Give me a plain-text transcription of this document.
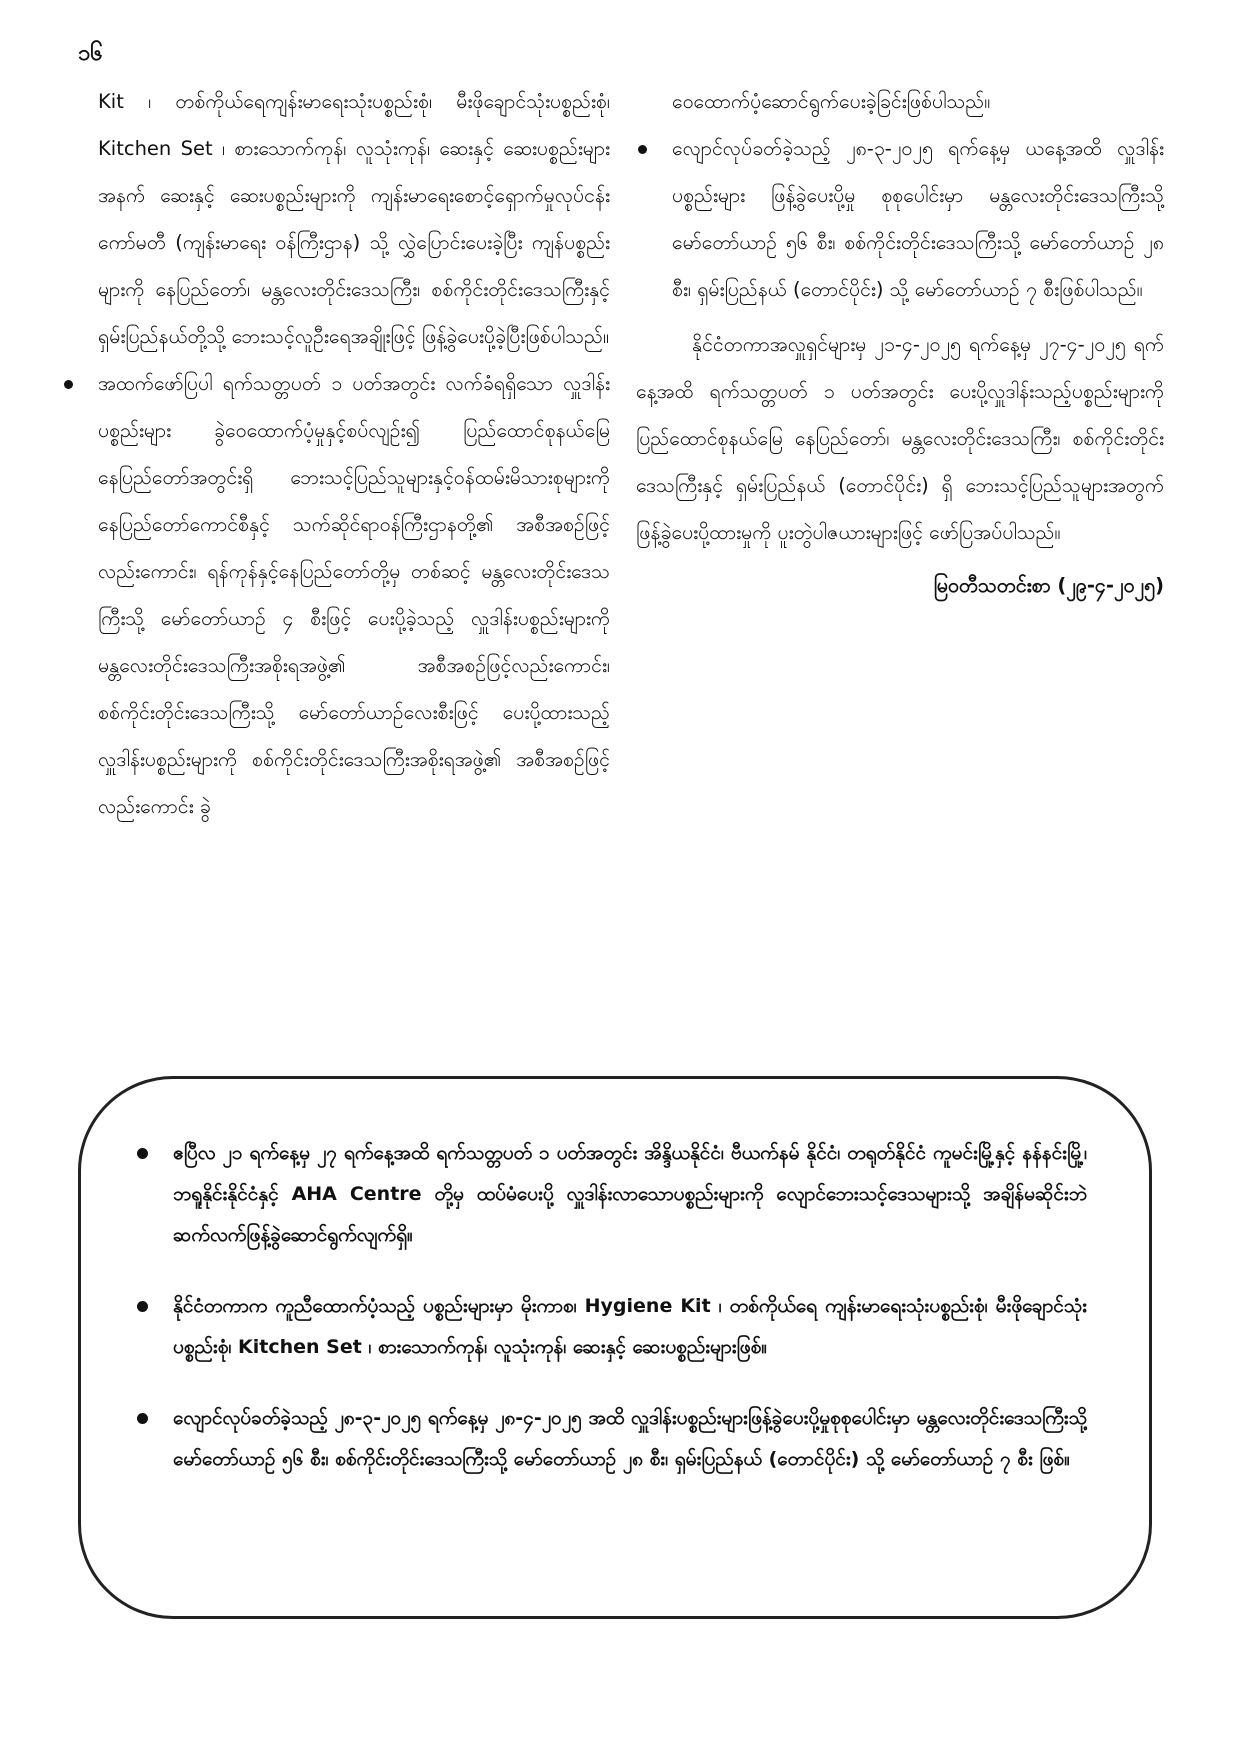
၁၆

Kit ၊ တစ်ကိုယ်ရေကျန်းမာရေးသုံးပစ္စည်းစုံ၊ မီးဖိုချောင်သုံးပစ္စည်းစုံ၊ Kitchen Set ၊ စားသောက်ကုန်၊ လူသုံးကုန်၊ ဆေးနှင့် ဆေးပစ္စည်းများအနက် ဆေးနှင့် ဆေးပစ္စည်းများကို ကျန်းမာရေးစောင့်ရှောက်မှုလုပ်ငန်းကော်မတီ (ကျန်းမာရေး ဝန်ကြီးဌာန) သို့ လွှဲပြောင်းပေးခဲ့ပြီး ကျန်ပစ္စည်းများကို နေပြည်တော်၊ မန္တလေးတိုင်းဒေသကြီး၊ စစ်ကိုင်းတိုင်းဒေသကြီးနှင့် ရှမ်းပြည်နယ်တို့သို့ ဘေးသင့်လူဦးရေအချိုးဖြင့် ဖြန့်ခွဲပေးပို့ခဲ့ပြီးဖြစ်ပါသည်။

အထက်ဖော်ပြပါ ရက်သတ္တပတ် ၁ ပတ်အတွင်း လက်ခံရရှိသော လှူဒါန်းပစ္စည်းများ ခွဲဝေထောက်ပံ့မှုနှင့်စပ်လျဉ်း၍ ပြည်ထောင်စုနယ်မြေ နေပြည်တော်အတွင်းရှိ ဘေးသင့်ပြည်သူများနှင့်ဝန်ထမ်းမိသားစုများကို နေပြည်တော်ကောင်စီနှင့် သက်ဆိုင်ရာဝန်ကြီးဌာနတို့၏ အစီအစဉ်ဖြင့်လည်းကောင်း၊ ရန်ကုန်နှင့်နေပြည်တော်တို့မှ တစ်ဆင့် မန္တလေးတိုင်းဒေသကြီးသို့ မော်တော်ယာဉ် ၄ စီးဖြင့် ပေးပို့ခဲ့သည့် လှူဒါန်းပစ္စည်းများကို မန္တလေးတိုင်းဒေသကြီးအစိုးရအဖွဲ့၏ အစီအစဉ်ဖြင့်လည်းကောင်း၊ စစ်ကိုင်းတိုင်းဒေသကြီးသို့ မော်တော်ယာဉ်လေးစီးဖြင့် ပေးပို့ထားသည့် လှူဒါန်းပစ္စည်းများကို စစ်ကိုင်းတိုင်းဒေသကြီးအစိုးရအဖွဲ့၏ အစီအစဉ်ဖြင့်လည်းကောင်း ခွဲ

ဝေထောက်ပံ့ဆောင်ရွက်ပေးခဲ့ခြင်းဖြစ်ပါသည်။

လျောင်လုပ်ခတ်ခဲ့သည့် ၂၈-၃-၂၀၂၅ ရက်နေ့မှ ယနေ့အထိ လှူဒါန်းပစ္စည်းများ ဖြန့်ခွဲပေးပို့မှု စုစုပေါင်းမှာ မန္တလေးတိုင်းဒေသကြီးသို့ မော်တော်ယာဉ် ၅၆ စီး၊ စစ်ကိုင်းတိုင်းဒေသကြီးသို့ မော်တော်ယာဉ် ၂၈ စီး၊ ရှမ်းပြည်နယ် (တောင်ပိုင်း) သို့ မော်တော်ယာဉ် ၇ စီးဖြစ်ပါသည်။

နိုင်ငံတကာအလှူရှင်များမှ ၂၁-၄-၂၀၂၅ ရက်နေ့မှ ၂၇-၄-၂၀၂၅ ရက်နေ့အထိ ရက်သတ္တပတ် ၁ ပတ်အတွင်း ပေးပို့လှူဒါန်းသည့်ပစ္စည်းများကို ပြည်ထောင်စုနယ်မြေ နေပြည်တော်၊ မန္တလေးတိုင်းဒေသကြီး၊ စစ်ကိုင်းတိုင်းဒေသကြီးနှင့် ရှမ်းပြည်နယ် (တောင်ပိုင်း) ရှိ ဘေးသင့်ပြည်သူများအတွက် ဖြန့်ခွဲပေးပို့ထားမှုကို ပူးတွဲပါဇယားများဖြင့် ဖော်ပြအပ်ပါသည်။

မြဝတီသတင်းစာ (၂၉-၄-၂၀၂၅)

ဧပြီလ ၂၁ ရက်နေ့မှ ၂၇ ရက်နေ့အထိ ရက်သတ္တပတ် ၁ ပတ်အတွင်း အိန္ဒိယနိုင်ငံ၊ ဗီယက်နမ် နိုင်ငံ၊ တရုတ်နိုင်ငံ ကူမင်းမြို့နှင့် နန်နင်းမြို့၊ ဘရူနိုင်းနိုင်ငံနှင့် AHA Centre တို့မှ ထပ်မံပေးပို့ လှူဒါန်းလာသောပစ္စည်းများကို လျောင်ဘေးသင့်ဒေသများသို့ အချိန်မဆိုင်းဘဲ ဆက်လက်ဖြန့်ခွဲဆောင်ရွက်လျက်ရှိ။
နိုင်ငံတကာက ကူညီထောက်ပံ့သည့် ပစ္စည်းများမှာ မိုးကာစ၊ Hygiene Kit ၊ တစ်ကိုယ်ရေ ကျန်းမာရေးသုံးပစ္စည်းစုံ၊ မီးဖိုချောင်သုံးပစ္စည်းစုံ၊ Kitchen Set ၊ စားသောက်ကုန်၊ လူသုံးကုန်၊ ဆေးနှင့် ဆေးပစ္စည်းများဖြစ်။
လျောင်လုပ်ခတ်ခဲ့သည့် ၂၈-၃-၂၀၂၅ ရက်နေ့မှ ၂၈-၄-၂၀၂၅ အထိ လှူဒါန်းပစ္စည်းများဖြန့်ခွဲပေးပို့မှုစုစုပေါင်းမှာ မန္တလေးတိုင်းဒေသကြီးသို့ မော်တော်ယာဉ် ၅၆ စီး၊ စစ်ကိုင်းတိုင်းဒေသကြီးသို့ မော်တော်ယာဉ် ၂၈ စီး၊ ရှမ်းပြည်နယ် (တောင်ပိုင်း) သို့ မော်တော်ယာဉ် ၇ စီး ဖြစ်။
